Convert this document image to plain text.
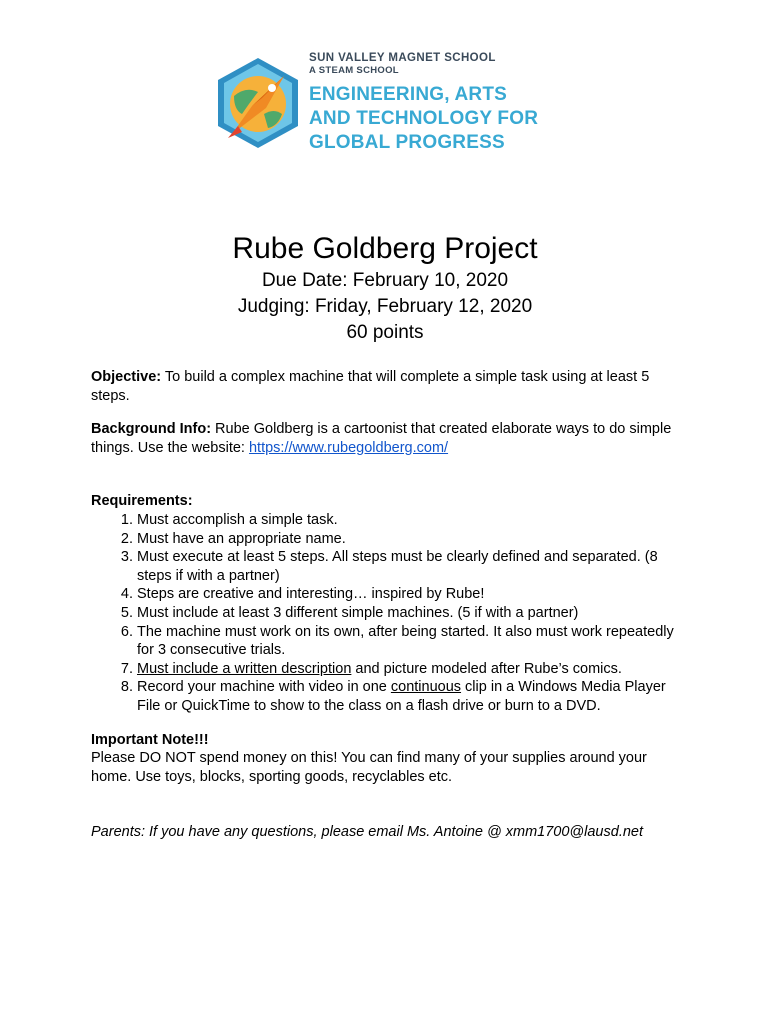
SUN VALLEY MAGNET SCHOOL
A STEAM SCHOOL
ENGINEERING, ARTS
AND TECHNOLOGY FOR
GLOBAL PROGRESS
Rube Goldberg Project
Due Date: February 10, 2020
Judging: Friday, February 12, 2020
60 points

Objective: To build a complex machine that will complete a simple task using at least 5 steps.

Background Info: Rube Goldberg is a cartoonist that created elaborate ways to do simple things. Use the website: https://www.rubegoldberg.com/

Requirements:
1. Must accomplish a simple task.
2. Must have an appropriate name.
3. Must execute at least 5 steps. All steps must be clearly defined and separated. (8 steps if with a partner)
4. Steps are creative and interesting… inspired by Rube!
5. Must include at least 3 different simple machines. (5 if with a partner)
6. The machine must work on its own, after being started. It also must work repeatedly for 3 consecutive trials.
7. Must include a written description and picture modeled after Rube’s comics.
8. Record your machine with video in one continuous clip in a Windows Media Player File or QuickTime to show to the class on a flash drive or burn to a DVD.
Important Note!!!
Please DO NOT spend money on this! You can find many of your supplies around your home. Use toys, blocks, sporting goods, recyclables etc.
Parents: If you have any questions, please email Ms. Antoine @ xmm1700@lausd.net
